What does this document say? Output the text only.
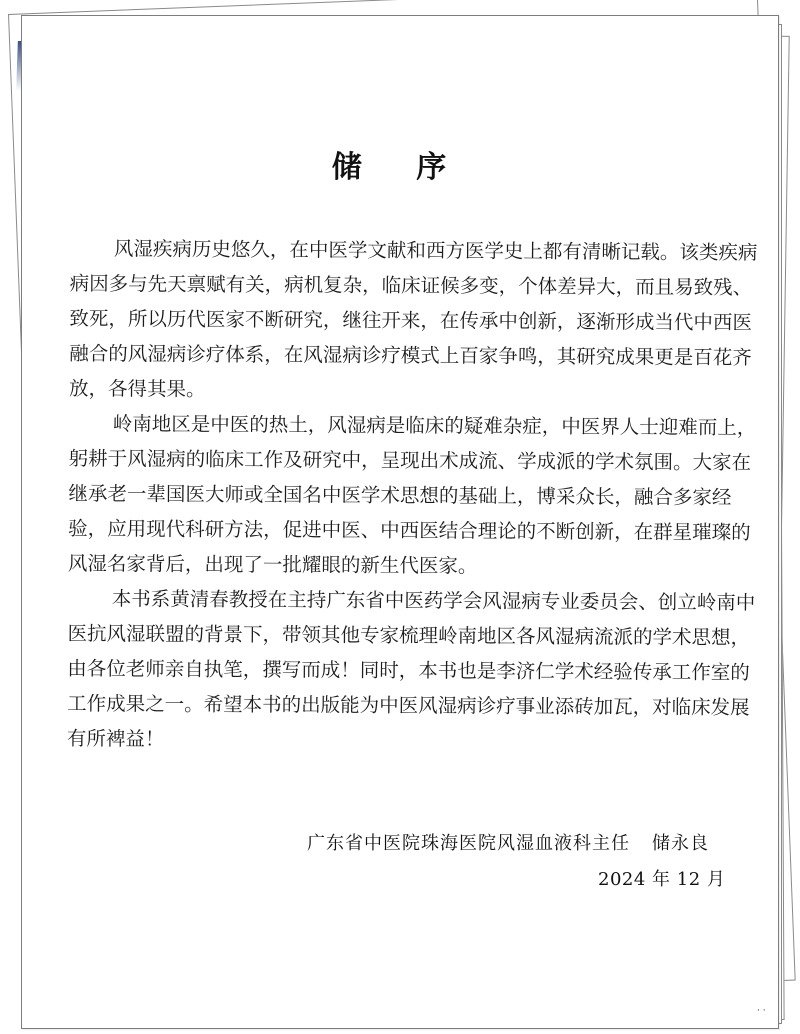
储 序

风湿疾病历史悠久，在中医学文献和西方医学史上都有清晰记载。该类疾病
病因多与先天禀赋有关，病机复杂，临床证候多变，个体差异大，而且易致残、
致死，所以历代医家不断研究，继往开来，在传承中创新，逐渐形成当代中西医
融合的风湿病诊疗体系，在风湿病诊疗模式上百家争鸣，其研究成果更是百花齐
放，各得其果。

岭南地区是中医的热土，风湿病是临床的疑难杂症，中医界人士迎难而上，
躬耕于风湿病的临床工作及研究中，呈现出术成流、学成派的学术氛围。大家在
继承老一辈国医大师或全国名中医学术思想的基础上，博采众长，融合多家经
验，应用现代科研方法，促进中医、中西医结合理论的不断创新，在群星璀璨的
风湿名家背后，出现了一批耀眼的新生代医家。

本书系黄清春教授在主持广东省中医药学会风湿病专业委员会、创立岭南中
医抗风湿联盟的背景下，带领其他专家梳理岭南地区各风湿病流派的学术思想，
由各位老师亲自执笔，撰写而成！同时，本书也是李济仁学术经验传承工作室的
工作成果之一。希望本书的出版能为中医风湿病诊疗事业添砖加瓦，对临床发展
有所裨益！

广东省中医院珠海医院风湿血液科主任 储永良
2024 年 12 月
· ·
